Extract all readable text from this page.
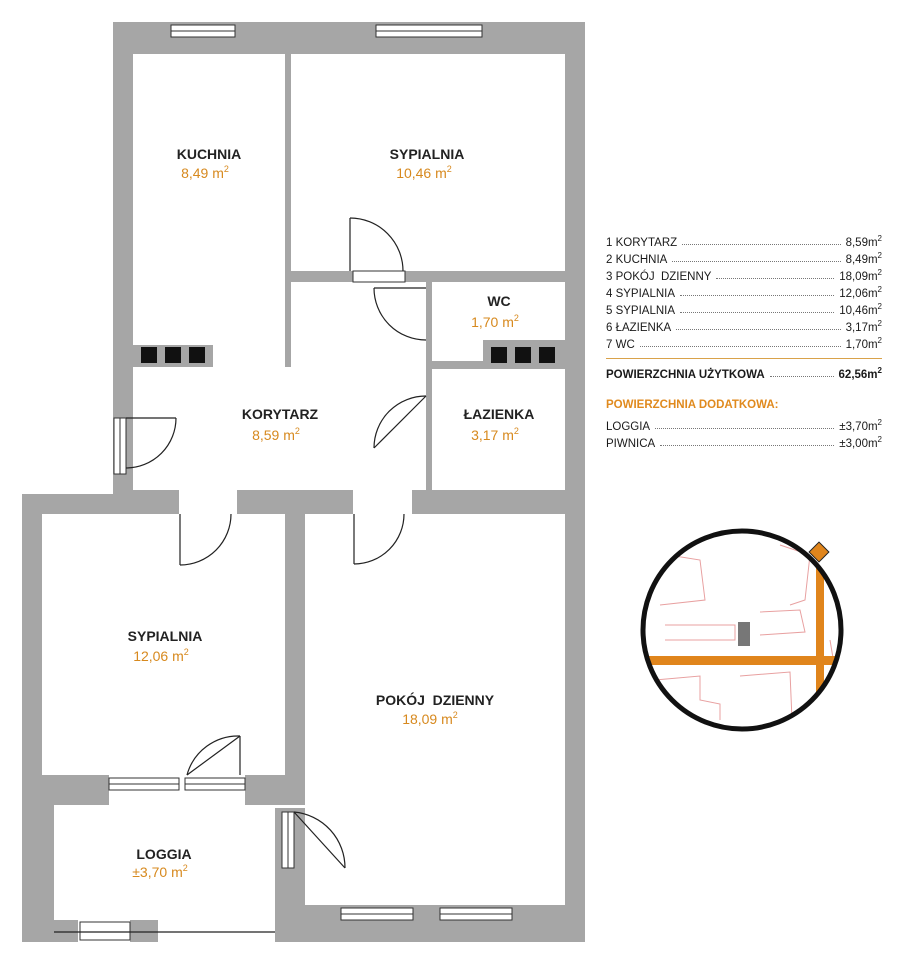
KUCHNIA
8,49 $m^2$
SYPIALNIA
10,46 $m^2$
WC
1,70 $m^2$
KORYTARZ
8,59 $m^2$
ŁAZIENKA
3,17 $m^2$
SYPIALNIA
12,06 $m^2$
POKÓJ  DZIENNY
18,09 $m^2$
LOGGIA
±3,70 $m^2$
1 KORYTARZ	$8,59m^2$
2 KUCHNIA	$8,49m^2$
3 POKÓJ  DZIENNY	$18,09m^2$
4 SYPIALNIA	$12,06m^2$
5 SYPIALNIA	$10,46m^2$
6 ŁAZIENKA	$3,17m^2$
7 WC	$1,70m^2$
POWIERZCHNIA UŻYTKOWA	$62,56m^2$
POWIERZCHNIA DODATKOWA:
LOGGIA	$\pm 3,70m^2$
PIWNICA	$\pm 3,00m^2$
